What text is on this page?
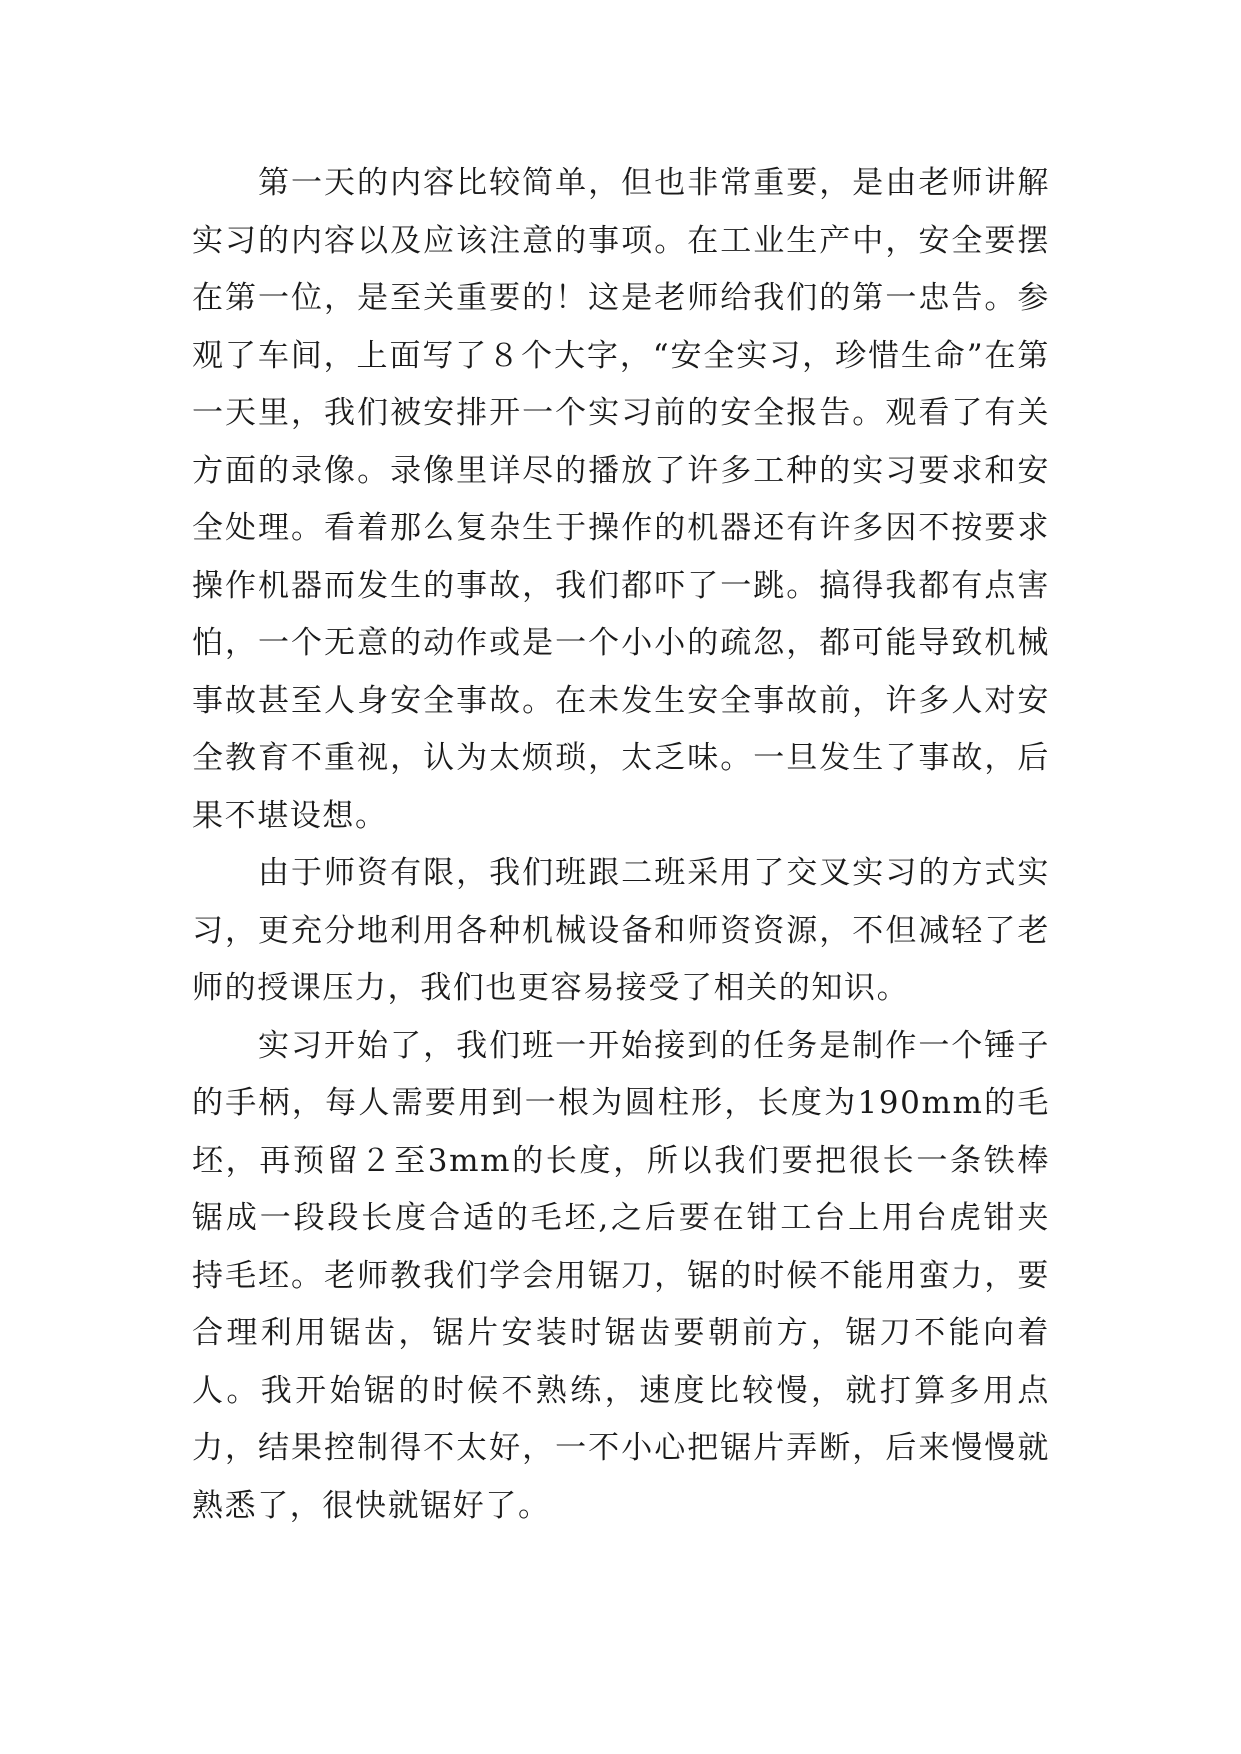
第一天的内容比较简单，但也非常重要，是由老师讲解实习的内容以及应该注意的事项。在工业生产中，安全要摆在第一位，是至关重要的！这是老师给我们的第一忠告。参观了车间，上面写了８个大字，“安全实习，珍惜生命”在第一天里，我们被安排开一个实习前的安全报告。观看了有关方面的录像。录像里详尽的播放了许多工种的实习要求和安全处理。看着那么复杂生于操作的机器还有许多因不按要求操作机器而发生的事故，我们都吓了一跳。搞得我都有点害怕，一个无意的动作或是一个小小的疏忽，都可能导致机械事故甚至人身安全事故。在未发生安全事故前，许多人对安全教育不重视，认为太烦琐，太乏味。一旦发生了事故，后果不堪设想。

由于师资有限，我们班跟二班采用了交叉实习的方式实习，更充分地利用各种机械设备和师资资源，不但减轻了老师的授课压力，我们也更容易接受了相关的知识。

实习开始了，我们班一开始接到的任务是制作一个锤子的手柄，每人需要用到一根为圆柱形，长度为190mm的毛坯，再预留２至3mm的长度，所以我们要把很长一条铁棒锯成一段段长度合适的毛坯,之后要在钳工台上用台虎钳夹持毛坯。老师教我们学会用锯刀，锯的时候不能用蛮力，要合理利用锯齿，锯片安装时锯齿要朝前方，锯刀不能向着人。我开始锯的时候不熟练，速度比较慢，就打算多用点力，结果控制得不太好，一不小心把锯片弄断，后来慢慢就熟悉了，很快就锯好了。
